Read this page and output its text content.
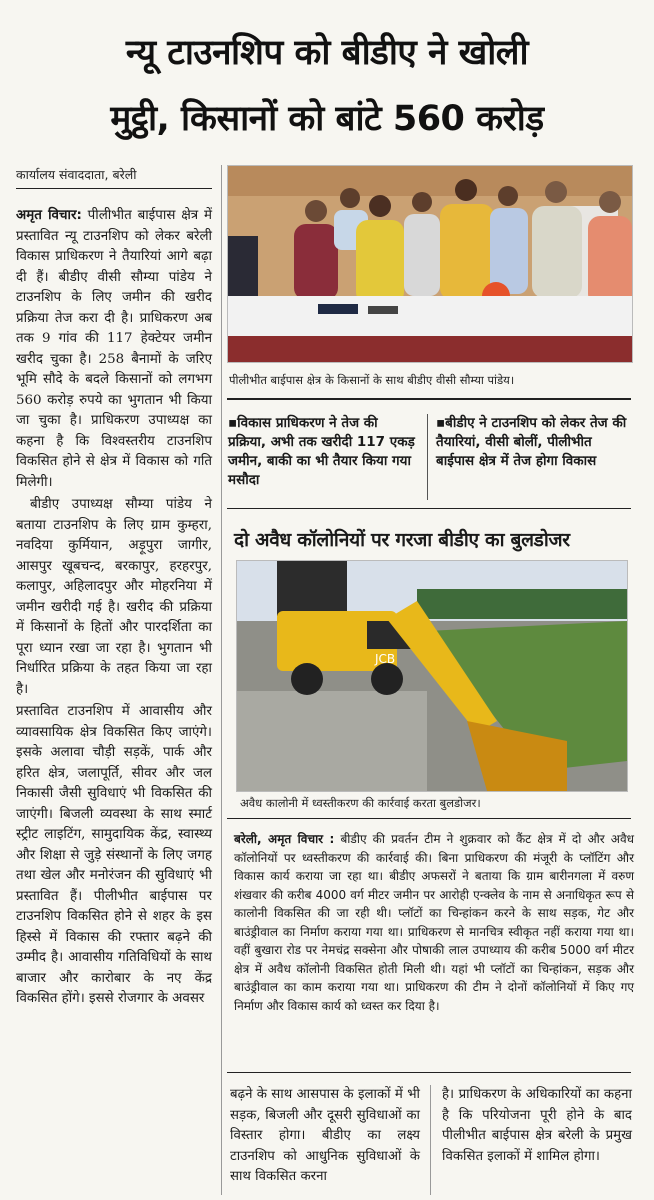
न्यू टाउनशिप को बीडीए ने खोली
मुट्ठी, किसानों को बांटे 560 करोड़
कार्यालय संवाददाता, बरेली

अमृत विचार: पीलीभीत बाईपास क्षेत्र में प्रस्तावित न्यू टाउनशिप को लेकर बरेली विकास प्राधिकरण ने तैयारियां आगे बढ़ा दी हैं। बीडीए वीसी सौम्या पांडेय ने टाउनशिप के लिए जमीन की खरीद प्रक्रिया तेज करा दी है। प्राधिकरण अब तक 9 गांव की 117 हेक्टेयर जमीन खरीद चुका है। 258 बैनामों के जरिए भूमि सौदे के बदले किसानों को लगभग 560 करोड़ रुपये का भुगतान भी किया जा चुका है। प्राधिकरण उपाध्यक्ष का कहना है कि विश्वस्तरीय टाउनशिप विकसित होने से क्षेत्र में विकास को गति मिलेगी।

बीडीए उपाध्यक्ष सौम्या पांडेय ने बताया टाउनशिप के लिए ग्राम कुम्हरा, नवदिया कुर्मियान, अड़ूपुरा जागीर, आसपुर खूबचन्द, बरकापुर, हरहरपुर, कलापुर, अहिलादपुर और मोहरनिया में जमीन खरीदी गई है। खरीद की प्रक्रिया में किसानों के हितों और पारदर्शिता का पूरा ध्यान रखा जा रहा है। भुगतान भी निर्धारित प्रक्रिया के तहत किया जा रहा है।

प्रस्तावित टाउनशिप में आवासीय और व्यावसायिक क्षेत्र विकसित किए जाएंगे। इसके अलावा चौड़ी सड़कें, पार्क और हरित क्षेत्र, जलापूर्ति, सीवर और जल निकासी जैसी सुविधाएं भी विकसित की जाएंगी। बिजली व्यवस्था के साथ स्मार्ट स्ट्रीट लाइटिंग, सामुदायिक केंद्र, स्वास्थ्य और शिक्षा से जुड़े संस्थानों के लिए जगह तथा खेल और मनोरंजन की सुविधाएं भी प्रस्तावित हैं। पीलीभीत बाईपास पर टाउनशिप विकसित होने से शहर के इस हिस्से में विकास की रफ्तार बढ़ने की उम्मीद है। आवासीय गतिविधियों के साथ बाजार और कारोबार के नए केंद्र विकसित होंगे। इससे रोजगार के अवसर

पीलीभीत बाईपास क्षेत्र के किसानों के साथ बीडीए वीसी सौम्या पांडेय।
▪विकास प्राधिकरण ने तेज की प्रक्रिया, अभी तक खरीदी 117 एकड़ जमीन, बाकी का भी तैयार किया गया मसौदा
▪बीडीए ने टाउनशिप को लेकर तेज की तैयारियां, वीसी बोलीं, पीलीभीत बाईपास क्षेत्र में तेज होगा विकास
दो अवैध कॉलोनियों पर गरजा बीडीए का बुलडोजर
JCB
अवैध कालोनी में ध्वस्तीकरण की कार्रवाई करता बुलडोजर।
बरेली, अमृत विचार : बीडीए की प्रवर्तन टीम ने शुक्रवार को कैंट क्षेत्र में दो और अवैध कॉलोनियों पर ध्वस्तीकरण की कार्रवाई की। बिना प्राधिकरण की मंजूरी के प्लॉटिंग और विकास कार्य कराया जा रहा था। बीडीए अफसरों ने बताया कि ग्राम बारीनगला में वरुण शंखवार की करीब 4000 वर्ग मीटर जमीन पर आरोही एन्क्लेव के नाम से अनाधिकृत रूप से कालोनी विकसित की जा रही थी। प्लॉटों का चिन्हांकन करने के साथ सड़क, गेट और बाउंड्रीवाल का निर्माण कराया गया था। प्राधिकरण से मानचित्र स्वीकृत नहीं कराया गया था। वहीं बुखारा रोड पर नेमचंद्र सक्सेना और पोषाकी लाल उपाध्याय की करीब 5000 वर्ग मीटर क्षेत्र में अवैध कॉलोनी विकसित होती मिली थी। यहां भी प्लॉटों का चिन्हांकन, सड़क और बाउंड्रीवाल का काम कराया गया था। प्राधिकरण की टीम ने दोनों कॉलोनियों में किए गए निर्माण और विकास कार्य को ध्वस्त कर दिया है।
बढ़ने के साथ आसपास के इलाकों में भी सड़क, बिजली और दूसरी सुविधाओं का विस्तार होगा। बीडीए का लक्ष्य टाउनशिप को आधुनिक सुविधाओं के साथ विकसित करना
है। प्राधिकरण के अधिकारियों का कहना है कि परियोजना पूरी होने के बाद पीलीभीत बाईपास क्षेत्र बरेली के प्रमुख विकसित इलाकों में शामिल होगा।
